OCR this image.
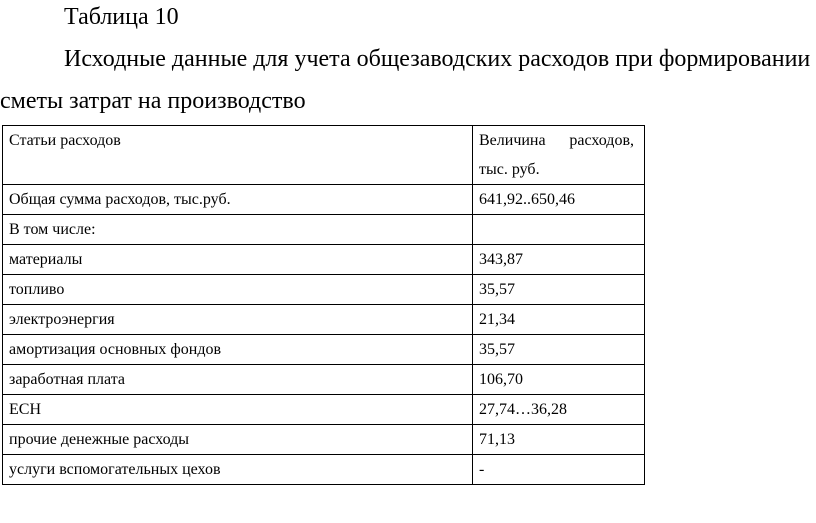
Таблица 10
Исходные данные для учета общезаводских расходов при формировании
сметы затрат на производство
Статьи расходов	Величина расходов, тыс. руб.

Общая сумма расходов, тыс.руб.	641,92..650,46
В том числе:	
материалы	343,87
топливо	35,57
электроэнергия	21,34
амортизация основных фондов	35,57
заработная плата	106,70
ЕСН	27,74…36,28
прочие денежные расходы	71,13
услуги вспомогательных цехов	-
